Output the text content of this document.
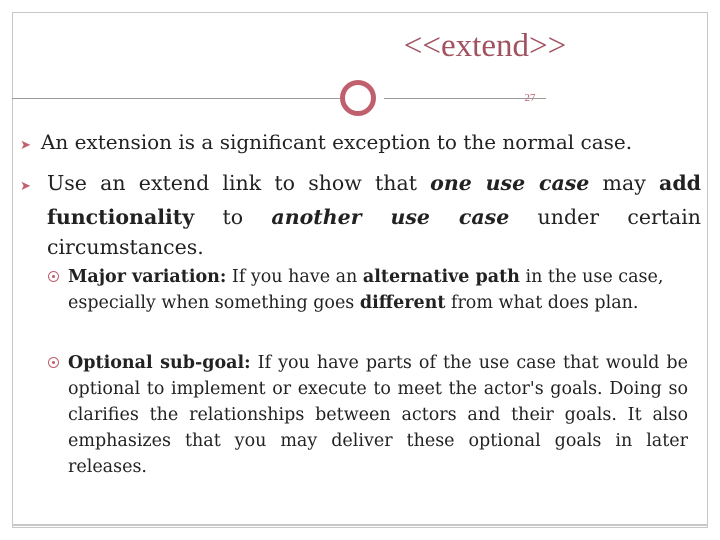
<<extend>>
27
➤ An extension is a significant exception to the normal case.
➤ Use an extend link to show that one use case may add functionality to another use case under certain circumstances.
Major variation: If you have an alternative path in the use case, especially when something goes different from what does plan.
Optional sub-goal: If you have parts of the use case that would be optional to implement or execute to meet the actor's goals. Doing so clarifies the relationships between actors and their goals. It also emphasizes that you may deliver these optional goals in later releases.
